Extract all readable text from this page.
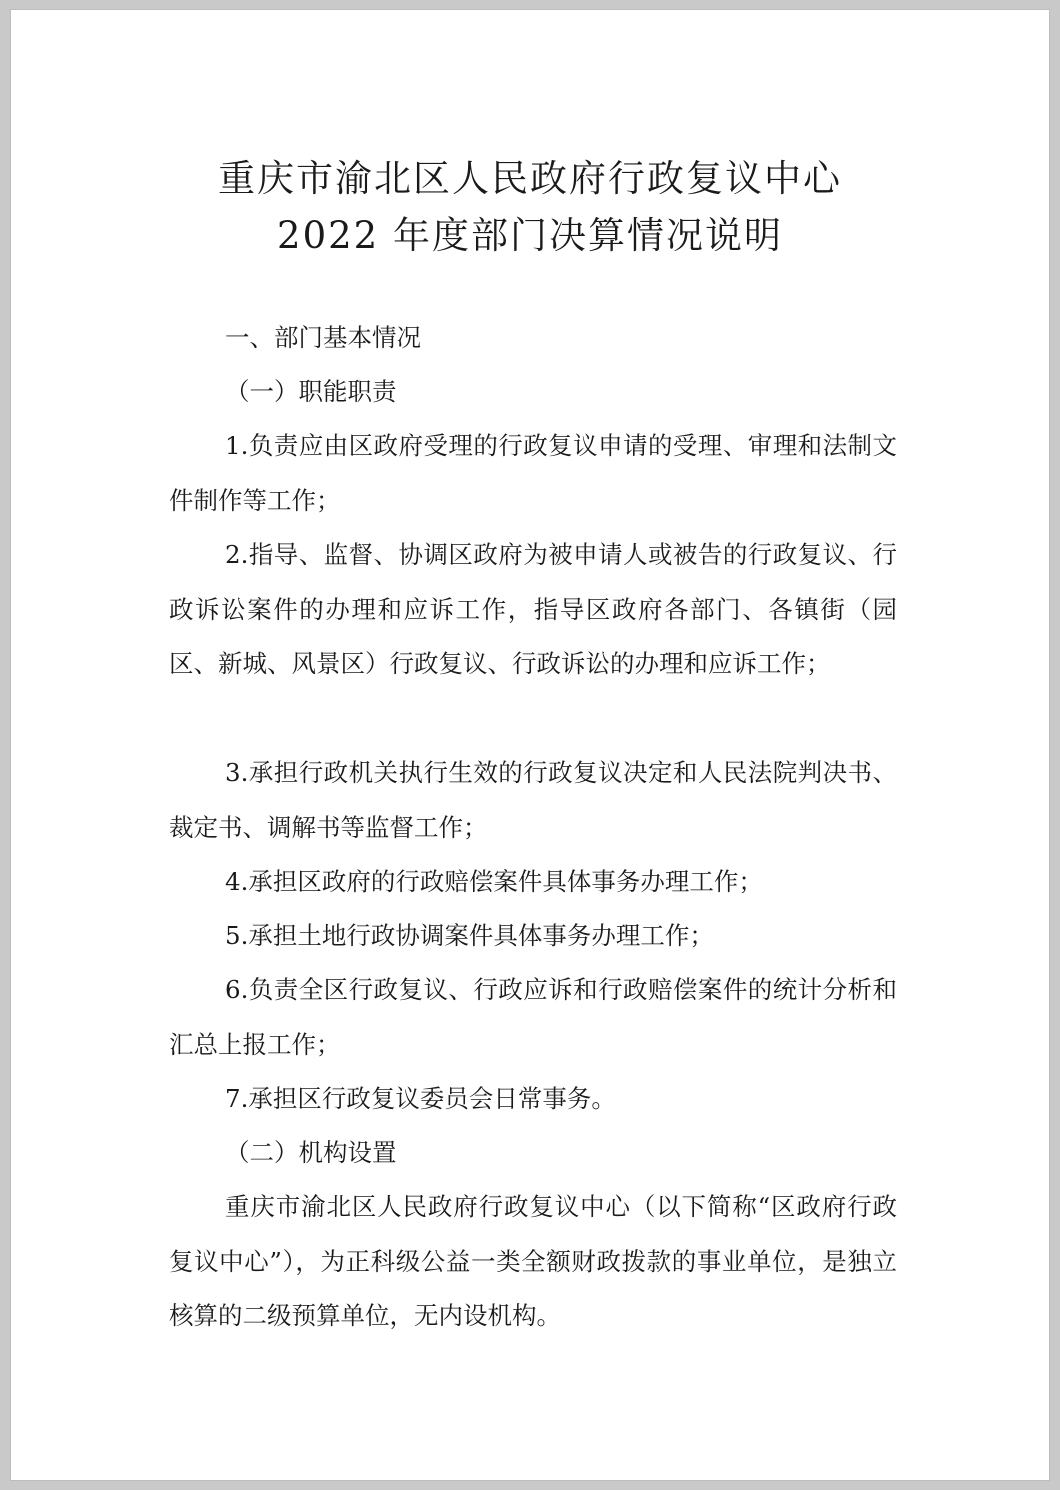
重庆市渝北区人民政府行政复议中心
2022 年度部门决算情况说明

一、部门基本情况

（一）职能职责

1.负责应由区政府受理的行政复议申请的受理、审理和法制文件制作等工作；

2.指导、监督、协调区政府为被申请人或被告的行政复议、行政诉讼案件的办理和应诉工作，指导区政府各部门、各镇街（园区、新城、风景区）行政复议、行政诉讼的办理和应诉工作；

3.承担行政机关执行生效的行政复议决定和人民法院判决书、裁定书、调解书等监督工作；

4.承担区政府的行政赔偿案件具体事务办理工作；

5.承担土地行政协调案件具体事务办理工作；

6.负责全区行政复议、行政应诉和行政赔偿案件的统计分析和汇总上报工作；

7.承担区行政复议委员会日常事务。

（二）机构设置

重庆市渝北区人民政府行政复议中心（以下简称“区政府行政复议中心”），为正科级公益一类全额财政拨款的事业单位，是独立核算的二级预算单位，无内设机构。
